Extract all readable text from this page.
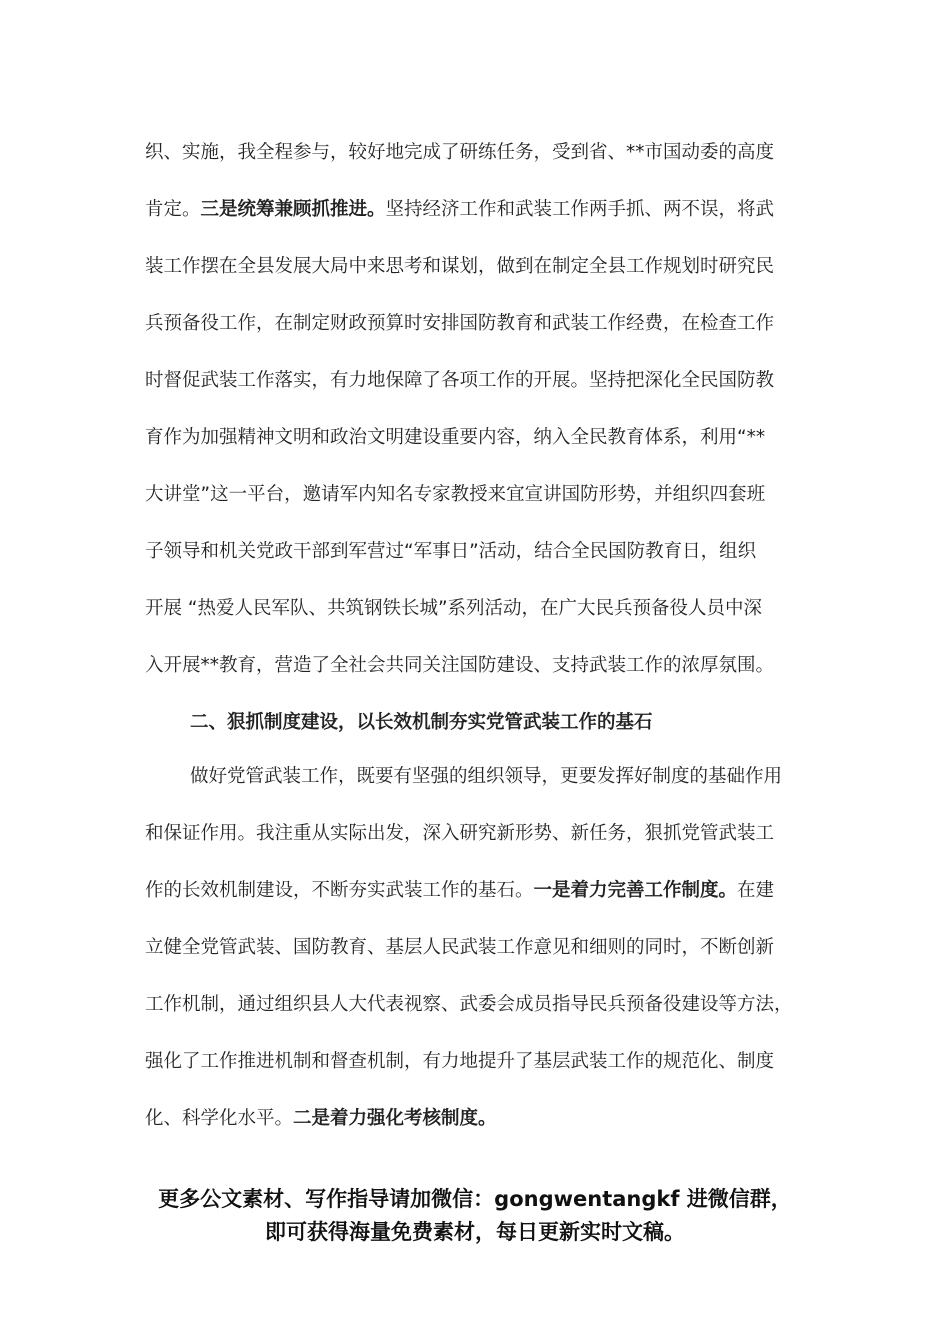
织、实施，我全程参与，较好地完成了研练任务，受到省、**市国动委的高度
肯定。三是统筹兼顾抓推进。坚持经济工作和武装工作两手抓、两不误，将武
装工作摆在全县发展大局中来思考和谋划，做到在制定全县工作规划时研究民
兵预备役工作，在制定财政预算时安排国防教育和武装工作经费，在检查工作
时督促武装工作落实，有力地保障了各项工作的开展。坚持把深化全民国防教
育作为加强精神文明和政治文明建设重要内容，纳入全民教育体系，利用“**
大讲堂”这一平台，邀请军内知名专家教授来宜宣讲国防形势，并组织四套班
子领导和机关党政干部到军营过“军事日”活动，结合全民国防教育日，组织
开展 “热爱人民军队、共筑钢铁长城”系列活动，在广大民兵预备役人员中深
入开展**教育，营造了全社会共同关注国防建设、支持武装工作的浓厚氛围。
二、狠抓制度建设，以长效机制夯实党管武装工作的基石
做好党管武装工作，既要有坚强的组织领导，更要发挥好制度的基础作用
和保证作用。我注重从实际出发，深入研究新形势、新任务，狠抓党管武装工
作的长效机制建设，不断夯实武装工作的基石。一是着力完善工作制度。在建
立健全党管武装、国防教育、基层人民武装工作意见和细则的同时，不断创新
工作机制，通过组织县人大代表视察、武委会成员指导民兵预备役建设等方法，
强化了工作推进机制和督查机制，有力地提升了基层武装工作的规范化、制度
化、科学化水平。二是着力强化考核制度。
更多公文素材、写作指导请加微信：gongwentangkf 进微信群，
即可获得海量免费素材，每日更新实时文稿。
